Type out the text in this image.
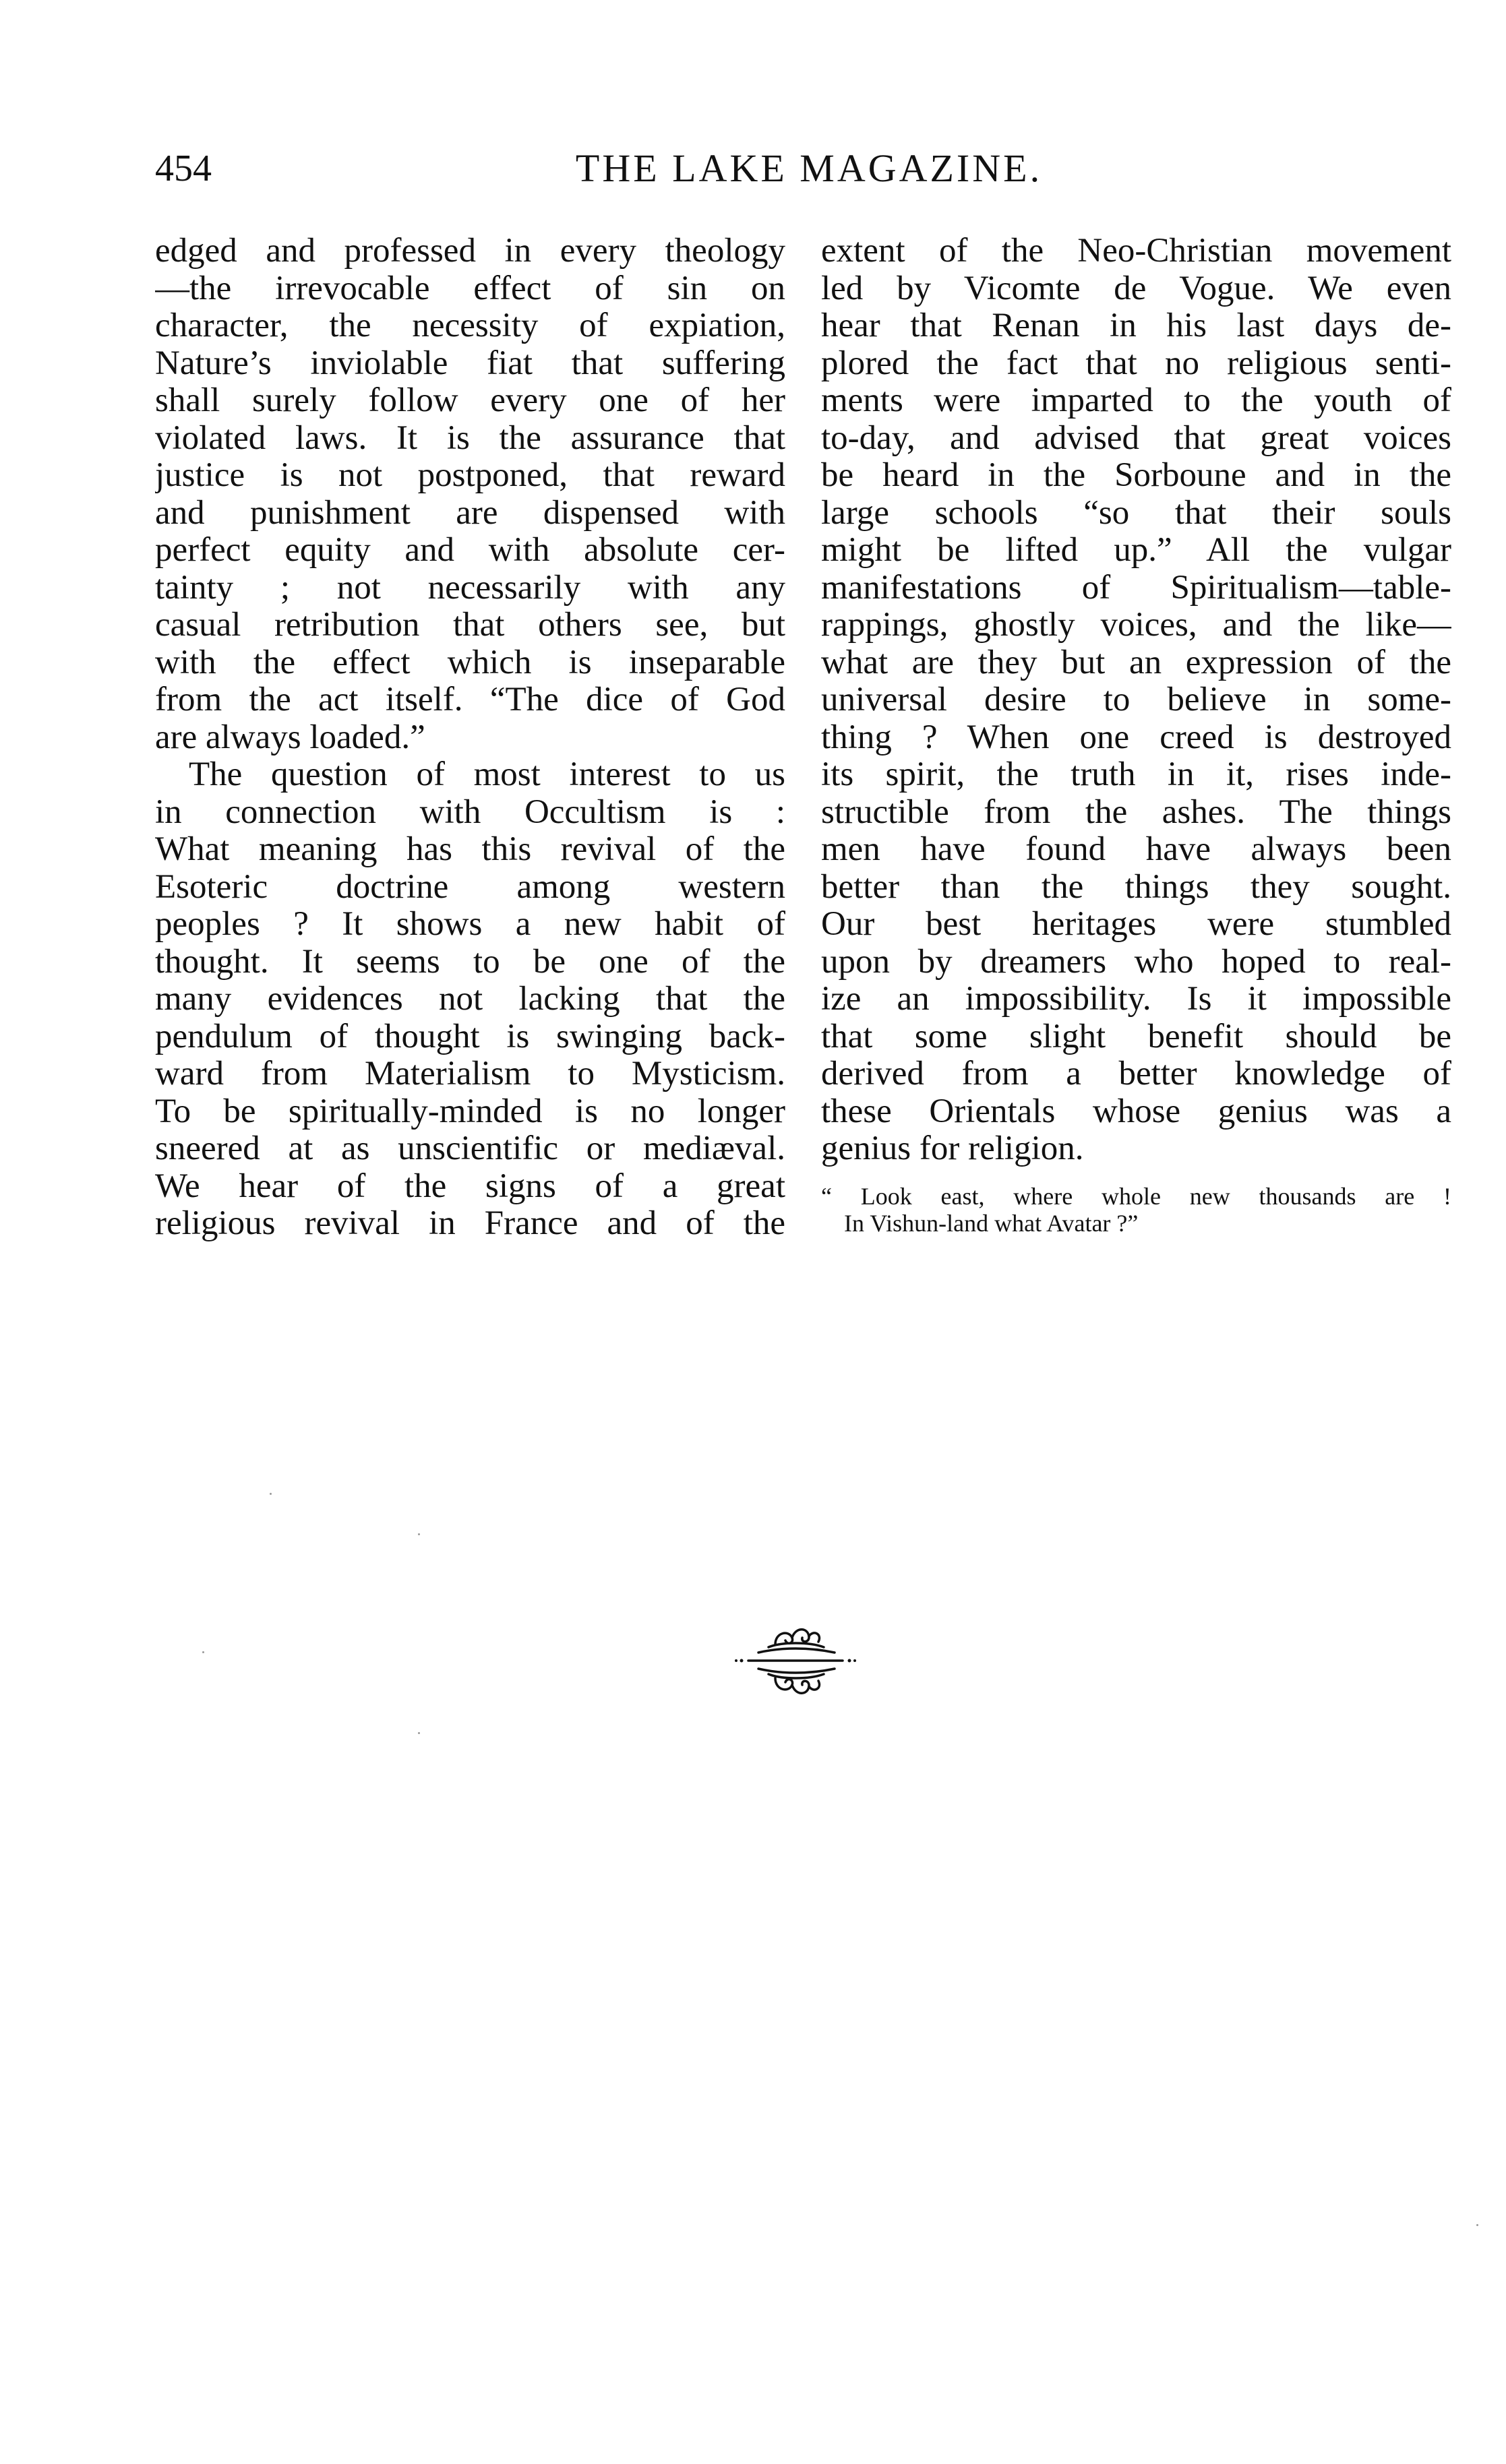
454	THE LAKE MAGAZINE.
edged and professed in every theology
—the irrevocable effect of sin on
character, the necessity of expiation,
Nature’s inviolable fiat that suffering
shall surely follow every one of her
violated laws. It is the assurance that
justice is not postponed, that reward
and punishment are dispensed with
perfect equity and with absolute cer-
tainty ; not necessarily with any
casual retribution that others see, but
with the effect which is inseparable
from the act itself. “The dice of God
are always loaded.”
The question of most interest to us
in connection with Occultism is :
What meaning has this revival of the
Esoteric doctrine among western
peoples ? It shows a new habit of
thought. It seems to be one of the
many evidences not lacking that the
pendulum of thought is swinging back-
ward from Materialism to Mysticism.
To be spiritually-minded is no longer
sneered at as unscientific or mediæval.
We hear of the signs of a great
religious revival in France and of the
extent of the Neo-Christian movement
led by Vicomte de Vogue. We even
hear that Renan in his last days de-
plored the fact that no religious senti-
ments were imparted to the youth of
to-day, and advised that great voices
be heard in the Sorboune and in the
large schools “so that their souls
might be lifted up.” All the vulgar
manifestations of Spiritualism—table-
rappings, ghostly voices, and the like—
what are they but an expression of the
universal desire to believe in some-
thing ? When one creed is destroyed
its spirit, the truth in it, rises inde-
structible from the ashes. The things
men have found have always been
better than the things they sought.
Our best heritages were stumbled
upon by dreamers who hoped to real-
ize an impossibility. Is it impossible
that some slight benefit should be
derived from a better knowledge of
these Orientals whose genius was a
genius for religion.
“ Look east, where whole new thousands are !
In Vishun-land what Avatar ?”
